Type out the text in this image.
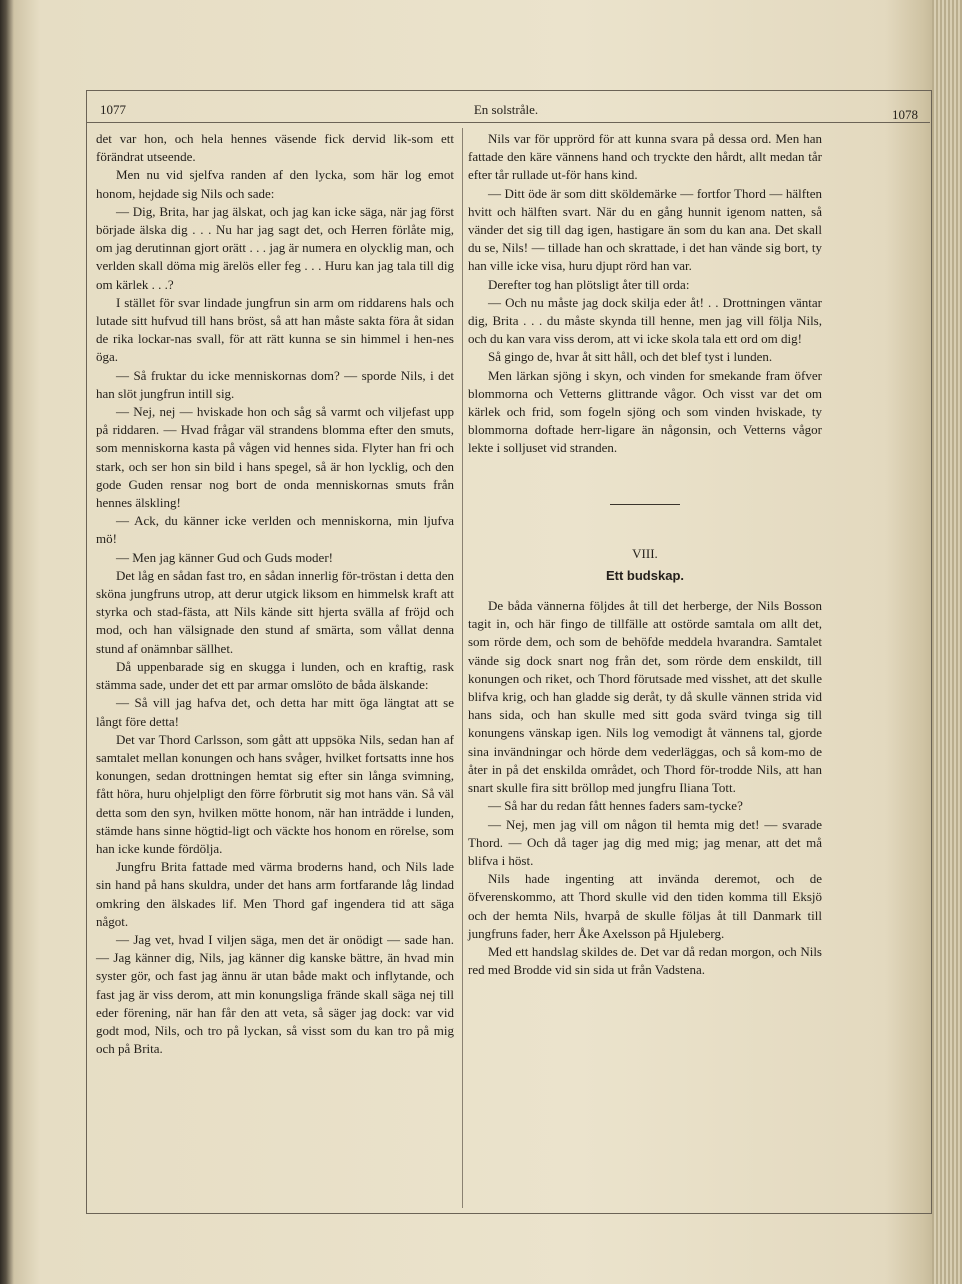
1077	En solstråle.	1078

det var hon, och hela hennes väsende fick dervid lik-som ett förändrat utseende.

Men nu vid sjelfva randen af den lycka, som här log emot honom, hejdade sig Nils och sade:

— Dig, Brita, har jag älskat, och jag kan icke säga, när jag först började älska dig . . . Nu har jag sagt det, och Herren förlåte mig, om jag derutinnan gjort orätt . . . jag är numera en olycklig man, och verlden skall döma mig ärelös eller feg . . . Huru kan jag tala till dig om kärlek . . .?

I stället för svar lindade jungfrun sin arm om riddarens hals och lutade sitt hufvud till hans bröst, så att han måste sakta föra åt sidan de rika lockar-nas svall, för att rätt kunna se sin himmel i hen-nes öga.

— Så fruktar du icke menniskornas dom? — sporde Nils, i det han slöt jungfrun intill sig.

— Nej, nej — hviskade hon och såg så varmt och viljefast upp på riddaren. — Hvad frågar väl strandens blomma efter den smuts, som menniskorna kasta på vågen vid hennes sida. Flyter han fri och stark, och ser hon sin bild i hans spegel, så är hon lycklig, och den gode Guden rensar nog bort de onda menniskornas smuts från hennes älskling!

— Ack, du känner icke verlden och menniskorna, min ljufva mö!

— Men jag känner Gud och Guds moder!

Det låg en sådan fast tro, en sådan innerlig för-tröstan i detta den sköna jungfruns utrop, att derur utgick liksom en himmelsk kraft att styrka och stad-fästa, att Nils kände sitt hjerta svälla af fröjd och mod, och han välsignade den stund af smärta, som vållat denna stund af onämnbar sällhet.

Då uppenbarade sig en skugga i lunden, och en kraftig, rask stämma sade, under det ett par armar omslöto de båda älskande:

— Så vill jag hafva det, och detta har mitt öga längtat att se långt före detta!

Det var Thord Carlsson, som gått att uppsöka Nils, sedan han af samtalet mellan konungen och hans svåger, hvilket fortsatts inne hos konungen, sedan drottningen hemtat sig efter sin långa svimning, fått höra, huru ohjelpligt den förre förbrutit sig mot hans vän. Så väl detta som den syn, hvilken mötte honom, när han inträdde i lunden, stämde hans sinne högtid-ligt och väckte hos honom en rörelse, som han icke kunde fördölja.

Jungfru Brita fattade med värma broderns hand, och Nils lade sin hand på hans skuldra, under det hans arm fortfarande låg lindad omkring den älskades lif. Men Thord gaf ingendera tid att säga något.

— Jag vet, hvad I viljen säga, men det är onödigt — sade han. — Jag känner dig, Nils, jag känner dig kanske bättre, än hvad min syster gör, och fast jag ännu är utan både makt och inflytande, och fast jag är viss derom, att min konungsliga frände skall säga nej till eder förening, när han får den att veta, så säger jag dock: var vid godt mod, Nils, och tro på lyckan, så visst som du kan tro på mig och på Brita.

Nils var för upprörd för att kunna svara på dessa ord. Men han fattade den käre vännens hand och tryckte den hårdt, allt medan tår efter tår rullade ut-för hans kind.

— Ditt öde är som ditt sköldemärke — fortfor Thord — hälften hvitt och hälften svart. När du en gång hunnit igenom natten, så vänder det sig till dag igen, hastigare än som du kan ana. Det skall du se, Nils! — tillade han och skrattade, i det han vände sig bort, ty han ville icke visa, huru djupt rörd han var.

Derefter tog han plötsligt åter till orda:

— Och nu måste jag dock skilja eder åt! . . Drottningen väntar dig, Brita . . . du måste skynda till henne, men jag vill följa Nils, och du kan vara viss derom, att vi icke skola tala ett ord om dig!

Så gingo de, hvar åt sitt håll, och det blef tyst i lunden.

Men lärkan sjöng i skyn, och vinden for smekande fram öfver blommorna och Vetterns glittrande vågor. Och visst var det om kärlek och frid, som fogeln sjöng och som vinden hviskade, ty blommorna doftade herr-ligare än någonsin, och Vetterns vågor lekte i solljuset vid stranden.

VIII.
Ett budskap.

De båda vännerna följdes åt till det herberge, der Nils Bosson tagit in, och här fingo de tillfälle att ostörde samtala om allt det, som rörde dem, och som de behöfde meddela hvarandra. Samtalet vände sig dock snart nog från det, som rörde dem enskildt, till konungen och riket, och Thord förutsade med visshet, att det skulle blifva krig, och han gladde sig deråt, ty då skulle vännen strida vid hans sida, och han skulle med sitt goda svärd tvinga sig till konungens vänskap igen. Nils log vemodigt åt vännens tal, gjorde sina invändningar och hörde dem vederläggas, och så kom-mo de åter in på det enskilda området, och Thord för-trodde Nils, att han snart skulle fira sitt bröllop med jungfru Iliana Tott.

— Så har du redan fått hennes faders sam-tycke?

— Nej, men jag vill om någon til hemta mig det! — svarade Thord. — Och då tager jag dig med mig; jag menar, att det må blifva i höst.

Nils hade ingenting att invända deremot, och de öfverenskommo, att Thord skulle vid den tiden komma till Eksjö och der hemta Nils, hvarpå de skulle följas åt till Danmark till jungfruns fader, herr Åke Axelsson på Hjuleberg.

Med ett handslag skildes de. Det var då redan morgon, och Nils red med Brodde vid sin sida ut från Vadstena.
